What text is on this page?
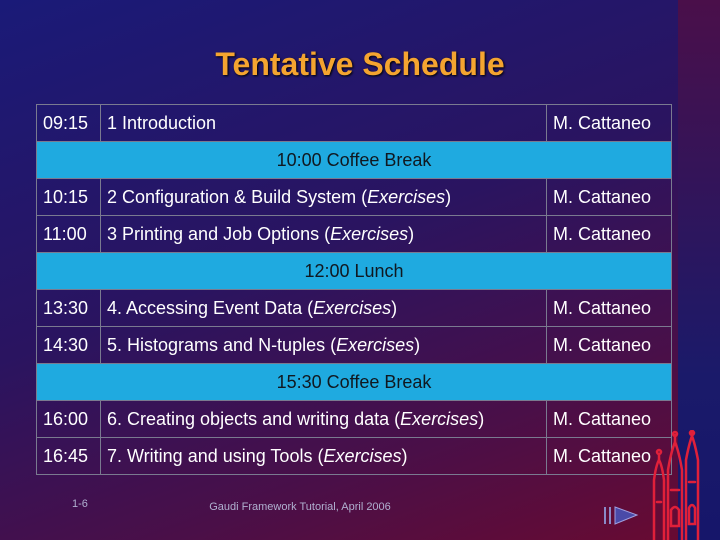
Tentative Schedule
09:15	1 Introduction	M. Cattaneo
10:00 Coffee Break		
10:15	2 Configuration & Build System (Exercises)	M. Cattaneo
11:00	3 Printing and Job Options (Exercises)	M. Cattaneo
12:00 Lunch		
13:30	4. Accessing Event Data (Exercises)	M. Cattaneo
14:30	5. Histograms and N-tuples (Exercises)	M. Cattaneo
15:30 Coffee Break		
16:00	6. Creating objects and writing data (Exercises)	M. Cattaneo
16:45	7. Writing and using Tools (Exercises)	M. Cattaneo
1-6	Gaudi Framework Tutorial, April 2006
